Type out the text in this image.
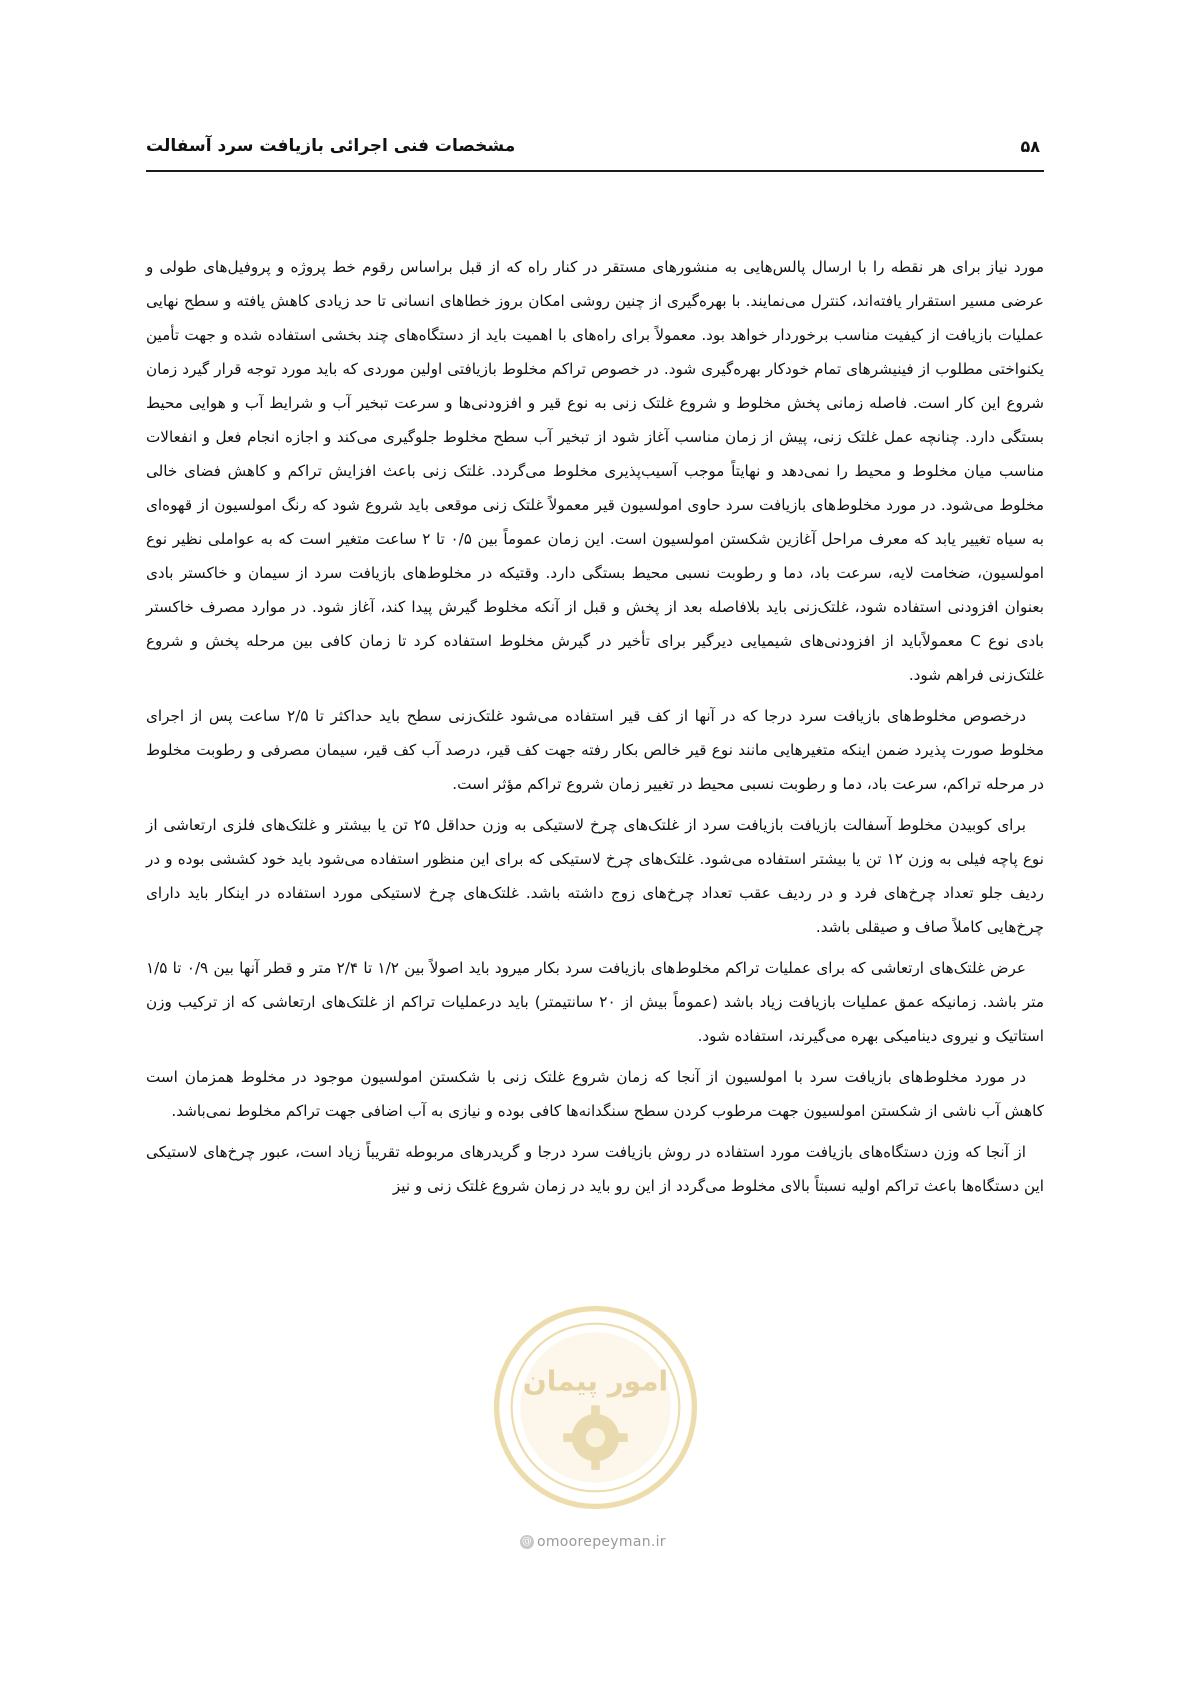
مشخصات فنی اجرائی بازیافت سرد آسفالت	۵۸

مورد نیاز برای هر نقطه را با ارسال پالس‌هایی به منشورهای مستقر در کنار راه که از قبل براساس رقوم خط پروژه و پروفیل‌های طولی و عرضی مسیر استقرار یافته‌اند، کنترل می‌نمایند. با بهره‌گیری از چنین روشی امکان بروز خطاهای انسانی تا حد زیادی کاهش یافته و سطح نهایی عملیات بازیافت از کیفیت مناسب برخوردار خواهد بود. معمولاً برای راه‌های با اهمیت باید از دستگاه‌های چند بخشی استفاده شده و جهت تأمین یکنواختی مطلوب از فینیشرهای تمام خودکار بهره‌گیری شود. در خصوص تراکم مخلوط بازیافتی اولین موردی که باید مورد توجه قرار گیرد زمان شروع این کار است. فاصله زمانی پخش مخلوط و شروع غلتک زنی به نوع قیر و افزودنی‌ها و سرعت تبخیر آب و شرایط آب و هوایی محیط بستگی دارد. چنانچه عمل غلتک زنی، پیش از زمان مناسب آغاز شود از تبخیر آب سطح مخلوط جلوگیری می‌کند و اجازه انجام فعل و انفعالات مناسب میان مخلوط و محیط را نمی‌دهد و نهایتاً موجب آسیب‌پذیری مخلوط می‌گردد. غلتک زنی باعث افزایش تراکم و کاهش فضای خالی مخلوط می‌شود. در مورد مخلوط‌های بازیافت سرد حاوی امولسیون قیر معمولاً غلتک زنی موقعی باید شروع شود که رنگ امولسیون از قهوه‌ای به سیاه تغییر یابد که معرف مراحل آغازین شکستن امولسیون است. این زمان عموماً بین ۰/۵ تا ۲ ساعت متغیر است که به عواملی نظیر نوع امولسیون، ضخامت لایه، سرعت باد، دما و رطوبت نسبی محیط بستگی دارد. وقتیکه در مخلوط‌های بازیافت سرد از سیمان و خاکستر بادی بعنوان افزودنی استفاده شود، غلتک‌زنی باید بلافاصله بعد از پخش و قبل از آنکه مخلوط گیرش پیدا کند، آغاز شود. در موارد مصرف خاکستر بادی نوع C معمولاًباید از افزودنی‌های شیمیایی دیرگیر برای تأخیر در گیرش مخلوط استفاده کرد تا زمان کافی بین مرحله پخش و شروع غلتک‌زنی فراهم شود.

درخصوص مخلوط‌های بازیافت سرد درجا که در آنها از کف قیر استفاده می‌شود غلتک‌زنی سطح باید حداکثر تا ۲/۵ ساعت پس از اجرای مخلوط صورت پذیرد ضمن اینکه متغیرهایی مانند نوع قیر خالص بکار رفته جهت کف قیر، درصد آب کف قیر، سیمان مصرفی و رطوبت مخلوط در مرحله تراکم، سرعت باد، دما و رطوبت نسبی محیط در تغییر زمان شروع تراکم مؤثر است.

برای کوبیدن مخلوط آسفالت بازیافت بازیافت سرد از غلتک‌های چرخ لاستیکی به وزن حداقل ۲۵ تن یا بیشتر و غلتک‌های فلزی ارتعاشی از نوع پاچه فیلی به وزن ۱۲ تن یا بیشتر استفاده می‌شود. غلتک‌های چرخ لاستیکی که برای این منظور استفاده می‌شود باید خود کششی بوده و در ردیف جلو تعداد چرخ‌های فرد و در ردیف عقب تعداد چرخ‌های زوج داشته باشد. غلتک‌های چرخ لاستیکی مورد استفاده در اینکار باید دارای چرخ‌هایی کاملاً صاف و صیقلی باشد.

عرض غلتک‌های ارتعاشی که برای عملیات تراکم مخلوط‌های بازیافت سرد بکار میرود باید اصولاً بین ۱/۲ تا ۲/۴ متر و قطر آنها بین ۰/۹ تا ۱/۵ متر باشد. زمانیکه عمق عملیات بازیافت زیاد باشد (عموماً بیش از ۲۰ سانتیمتر) باید درعملیات تراکم از غلتک‌های ارتعاشی که از ترکیب وزن استاتیک و نیروی دینامیکی بهره می‌گیرند، استفاده شود.

در مورد مخلوط‌های بازیافت سرد با امولسیون از آنجا که زمان شروع غلتک زنی با شکستن امولسیون موجود در مخلوط همزمان است کاهش آب ناشی از شکستن امولسیون جهت مرطوب کردن سطح سنگدانه‌ها کافی بوده و نیازی به آب اضافی جهت تراکم مخلوط نمی‌باشد.

از آنجا که وزن دستگاه‌های بازیافت مورد استفاده در روش بازیافت سرد درجا و گریدرهای مربوطه تقریباً زیاد است، عبور چرخ‌های لاستیکی این دستگاه‌ها باعث تراکم اولیه نسبتاً بالای مخلوط می‌گردد از این رو باید در زمان شروع غلتک زنی و نیز

امور پیمان
@ omoorepeyman.ir
